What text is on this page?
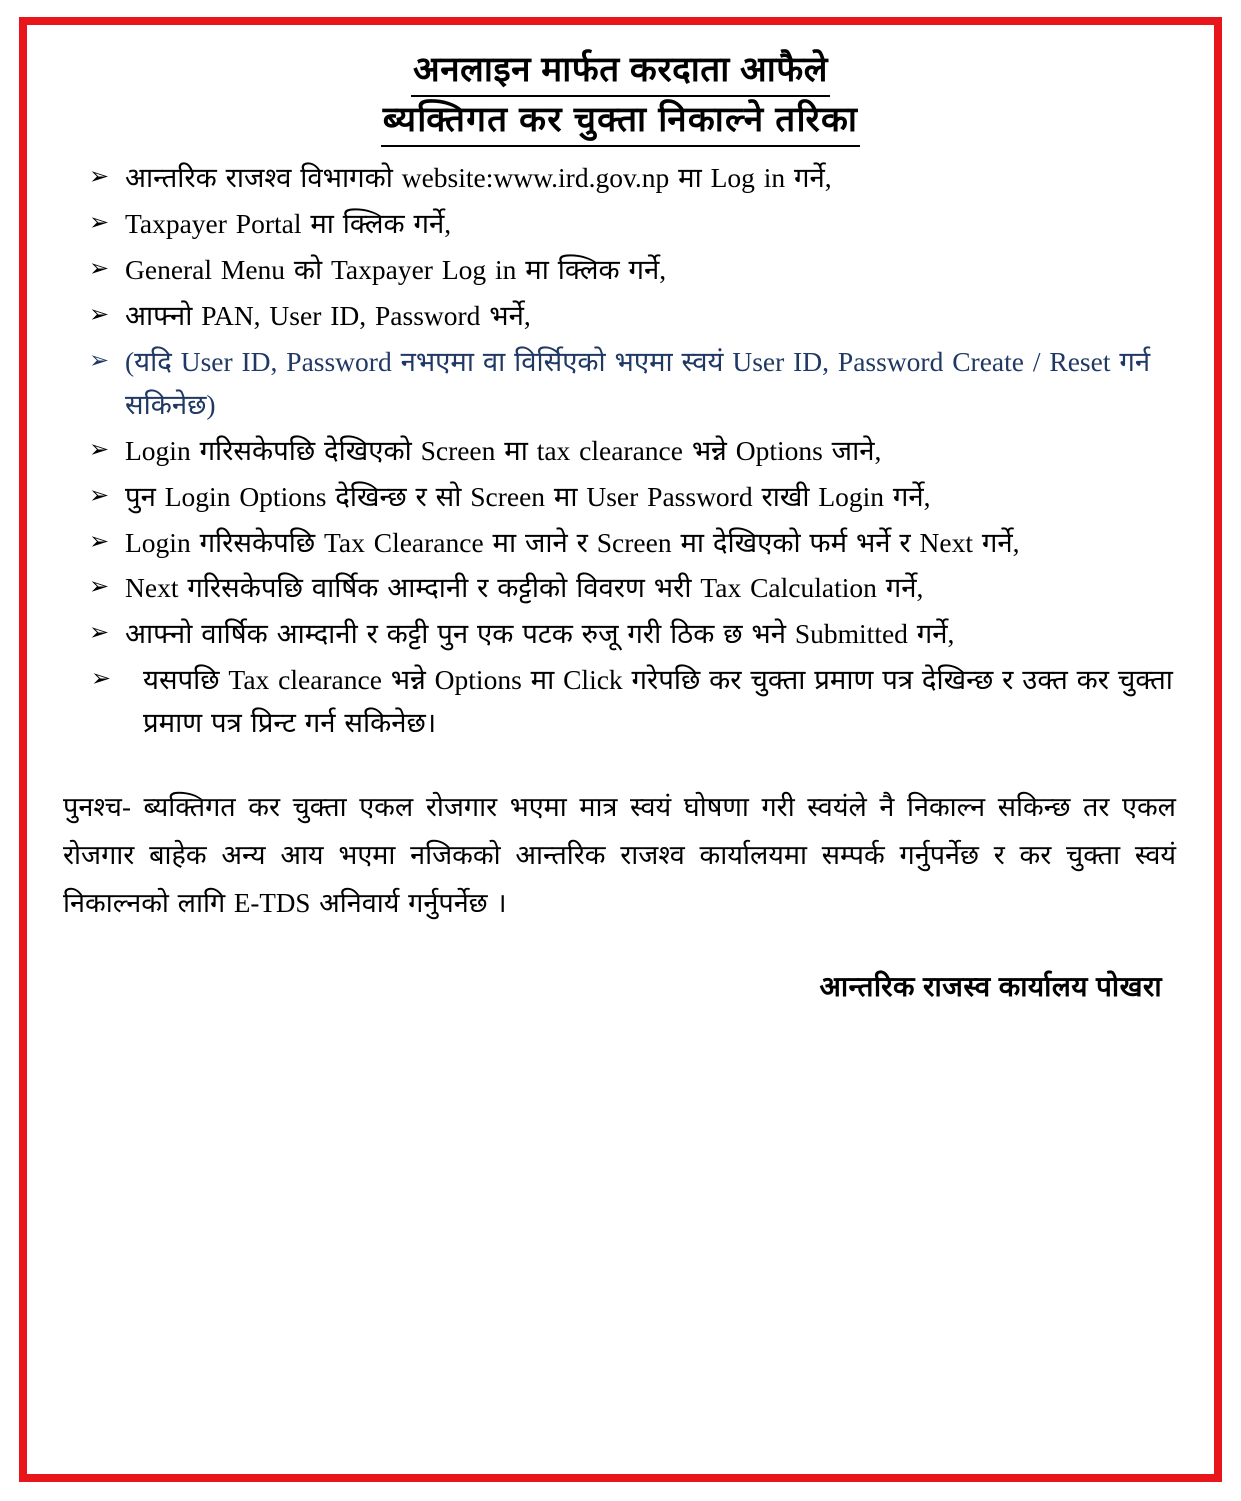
अनलाइन मार्फत करदाता आफैले
ब्यक्तिगत कर चुक्ता निकाल्ने तरिका
➢ आन्तरिक राजश्व विभागको website:www.ird.gov.np मा Log in गर्ने,
➢ Taxpayer Portal मा क्लिक गर्ने,
➢ General Menu को Taxpayer Log in मा क्लिक गर्ने,
➢ आफ्नो PAN, User ID, Password भर्ने,
➢ (यदि User ID, Password नभएमा वा विर्सिएको भएमा स्वयं User ID, Password Create / Reset गर्न सकिनेछ)
➢ Login गरिसकेपछि देखिएको Screen मा tax clearance भन्ने Options जाने,
➢ पुन Login Options देखिन्छ र सो Screen मा User Password राखी Login गर्ने,
➢ Login गरिसकेपछि Tax Clearance मा जाने र Screen मा देखिएको फर्म भर्ने र Next गर्ने,
➢ Next गरिसकेपछि वार्षिक आम्दानी र कट्टीको विवरण भरी Tax Calculation गर्ने,
➢ आफ्नो वार्षिक आम्दानी र कट्टी पुन एक पटक रुजू गरी ठिक छ भने Submitted गर्ने,
➢ यसपछि Tax clearance भन्ने Options मा Click गरेपछि कर चुक्ता प्रमाण पत्र देखिन्छ र उक्त कर चुक्ता प्रमाण पत्र प्रिन्ट गर्न सकिनेछ।

पुनश्च- ब्यक्तिगत कर चुक्ता एकल रोजगार भएमा मात्र स्वयं घोषणा गरी स्वयंले नै निकाल्न सकिन्छ तर एकल रोजगार बाहेक अन्य आय भएमा नजिकको आन्तरिक राजश्व कार्यालयमा सम्पर्क गर्नुपर्नेछ र कर चुक्ता स्वयं निकाल्नको लागि E-TDS अनिवार्य गर्नुपर्नेछ ।

आन्तरिक राजस्व कार्यालय पोखरा
